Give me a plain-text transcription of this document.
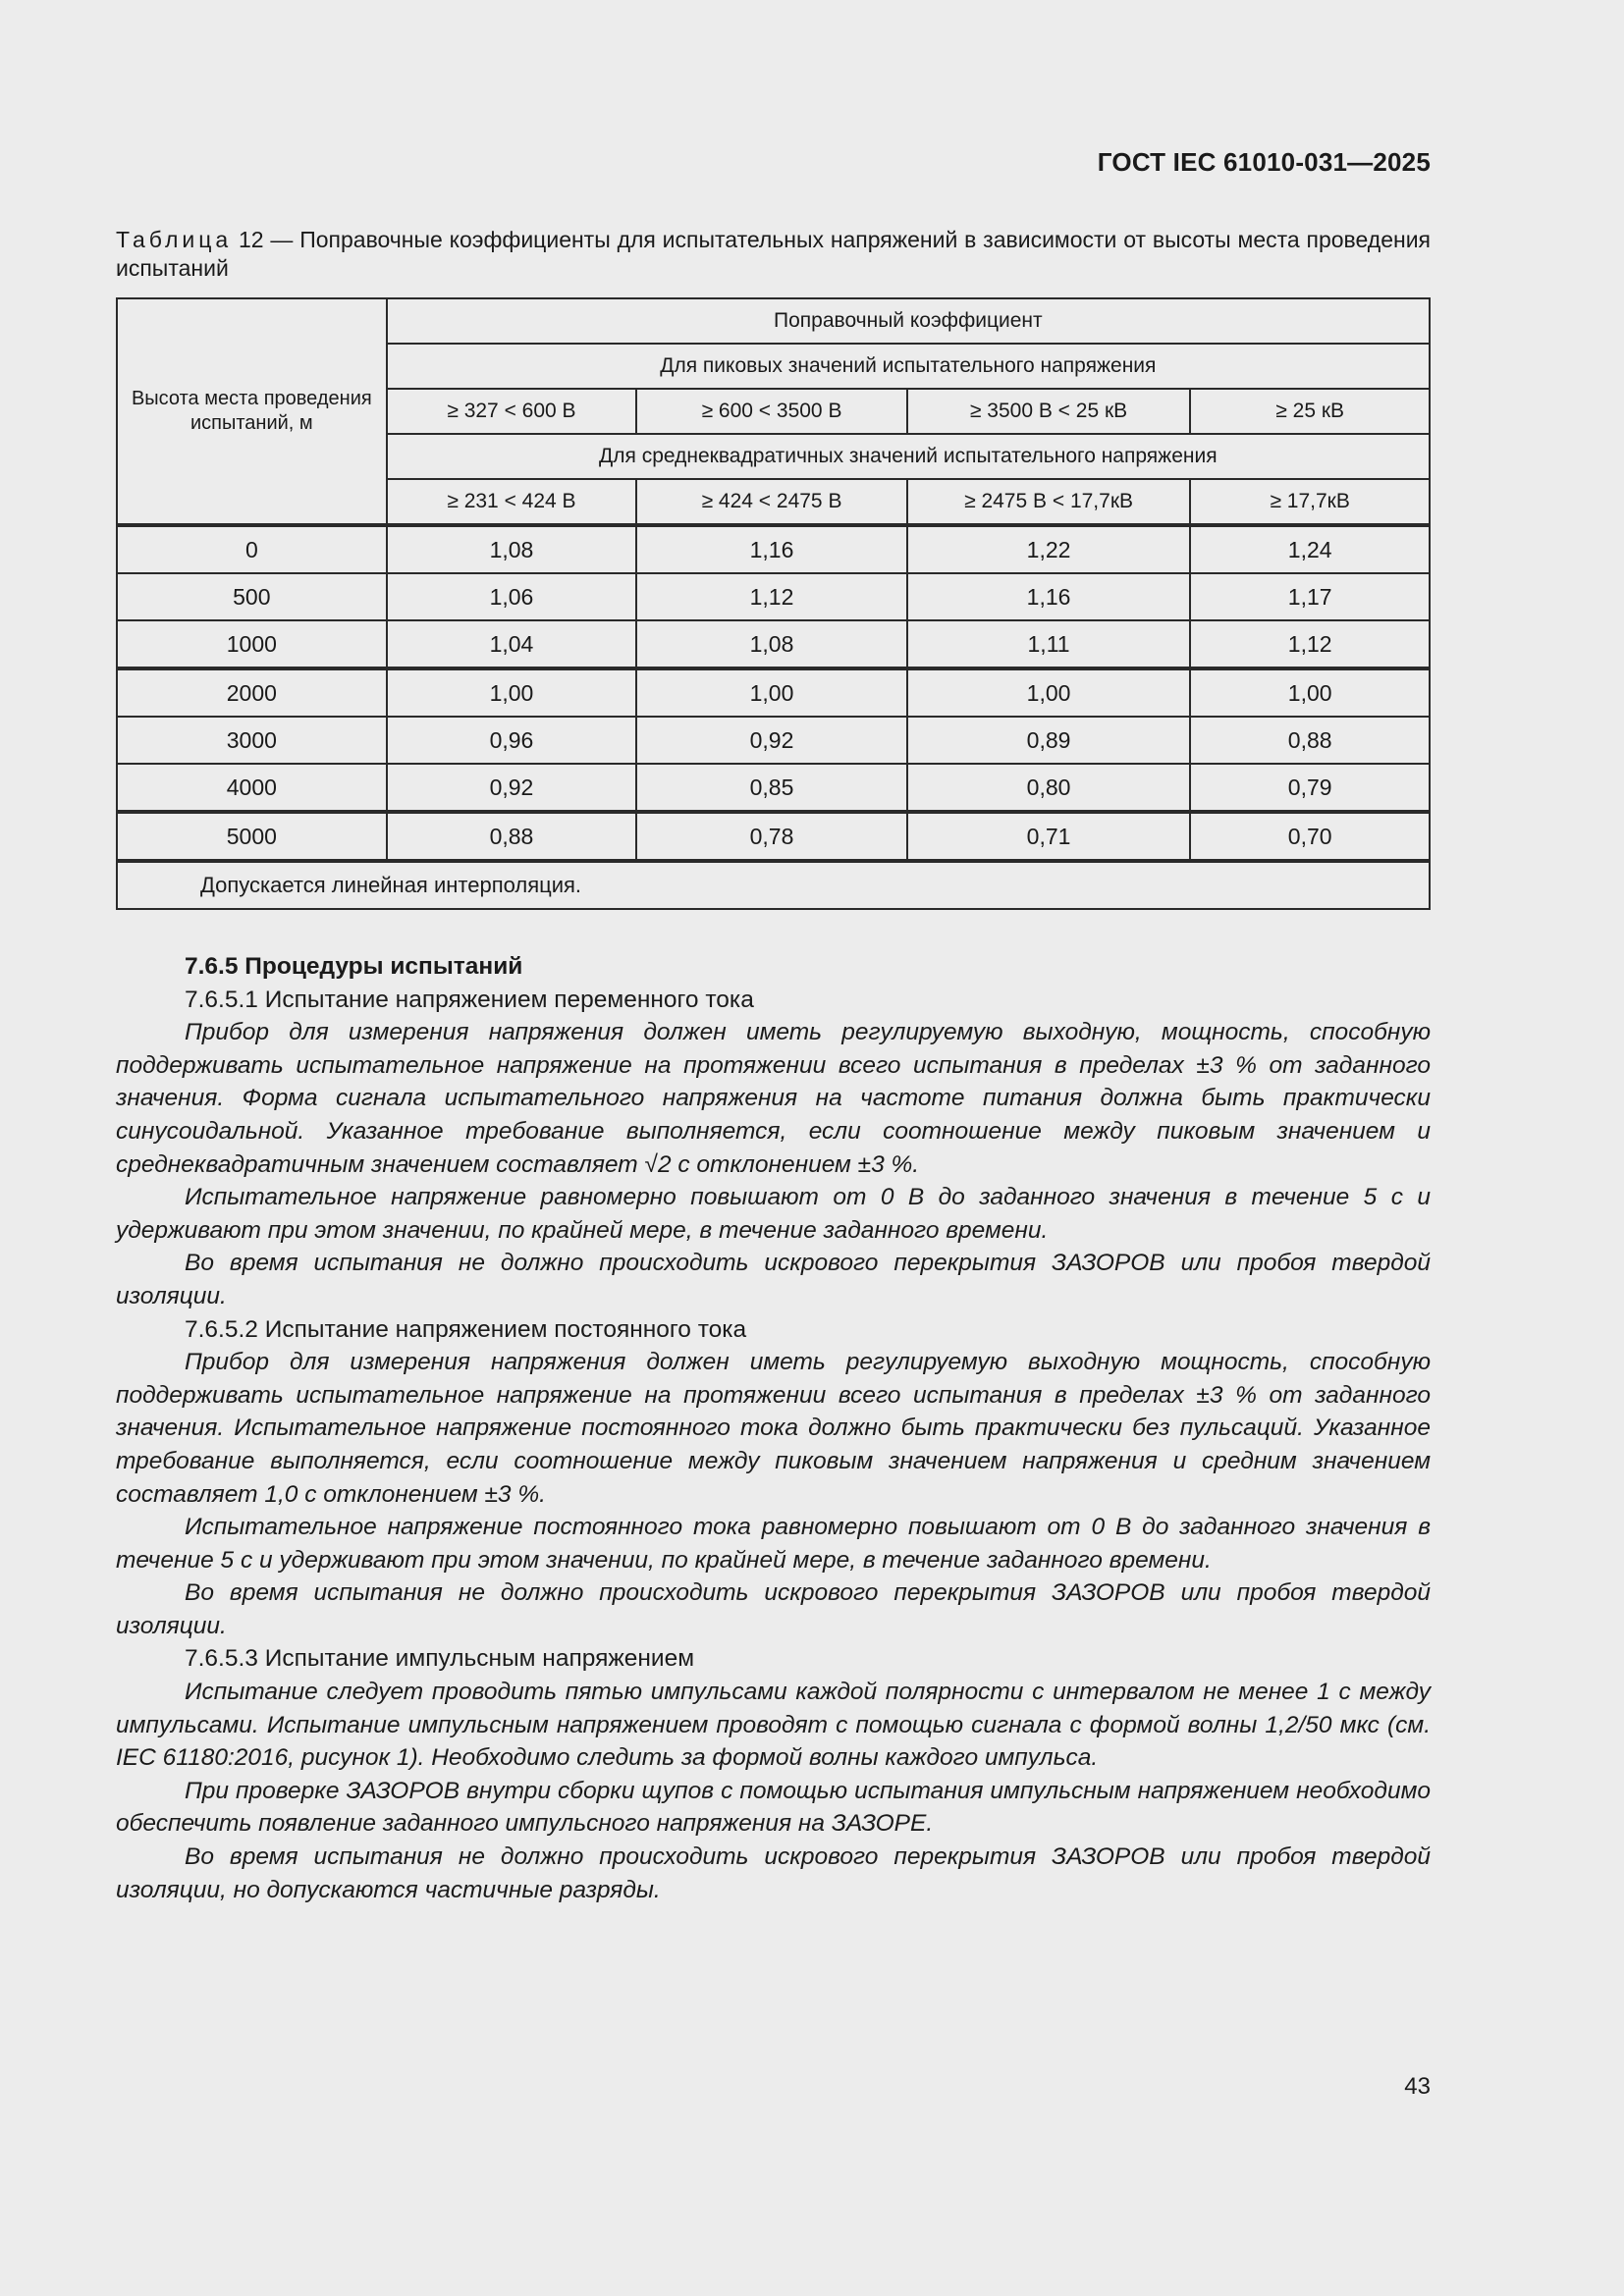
ГОСТ IEC 61010-031—2025
Таблица 12 — Поправочные коэффициенты для испытательных напряжений в зависимости от высоты места проведения испытаний
Высота места проведения испытаний, м	Поправочный коэффициент			
	Для пиковых значений испытательного напряжения			
	≥ 327 < 600 В	≥ 600 < 3500 В	≥ 3500 В < 25 кВ	≥ 25 кВ
	Для среднеквадратичных значений испытательного напряжения			
	≥ 231 < 424 В	≥ 424 < 2475 В	≥ 2475 В < 17,7кВ	≥ 17,7кВ
0	1,08	1,16	1,22	1,24
500	1,06	1,12	1,16	1,17
1000	1,04	1,08	1,11	1,12
2000	1,00	1,00	1,00	1,00
3000	0,96	0,92	0,89	0,88
4000	0,92	0,85	0,80	0,79
5000	0,88	0,78	0,71	0,70
Допускается линейная интерполяция.				

7.6.5 Процедуры испытаний

7.6.5.1 Испытание напряжением переменного тока

Прибор для измерения напряжения должен иметь регулируемую выходную, мощность, способную поддерживать испытательное напряжение на протяжении всего испытания в пределах ±3 % от заданного значения. Форма сигнала испытательного напряжения на частоте питания должна быть практически синусоидальной. Указанное требование выполняется, если соотношение между пиковым значением и среднеквадратичным значением составляет √2 с отклонением ±3 %.

Испытательное напряжение равномерно повышают от 0 В до заданного значения в течение 5 с и удерживают при этом значении, по крайней мере, в течение заданного времени.

Во время испытания не должно происходить искрового перекрытия ЗАЗОРОВ или пробоя твердой изоляции.

7.6.5.2 Испытание напряжением постоянного тока

Прибор для измерения напряжения должен иметь регулируемую выходную мощность, способную поддерживать испытательное напряжение на протяжении всего испытания в пределах ±3 % от заданного значения. Испытательное напряжение постоянного тока должно быть практически без пульсаций. Указанное требование выполняется, если соотношение между пиковым значением напряжения и средним значением составляет 1,0 с отклонением ±3 %.

Испытательное напряжение постоянного тока равномерно повышают от 0 В до заданного значения в течение 5 с и удерживают при этом значении, по крайней мере, в течение заданного времени.

Во время испытания не должно происходить искрового перекрытия ЗАЗОРОВ или пробоя твердой изоляции.

7.6.5.3 Испытание импульсным напряжением

Испытание следует проводить пятью импульсами каждой полярности с интервалом не менее 1 с между импульсами. Испытание импульсным напряжением проводят с помощью сигнала с формой волны 1,2/50 мкс (см. IEC 61180:2016, рисунок 1). Необходимо следить за формой волны каждого импульса.

При проверке ЗАЗОРОВ внутри сборки щупов с помощью испытания импульсным напряжением необходимо обеспечить появление заданного импульсного напряжения на ЗАЗОРЕ.

Во время испытания не должно происходить искрового перекрытия ЗАЗОРОВ или пробоя твердой изоляции, но допускаются частичные разряды.

43
